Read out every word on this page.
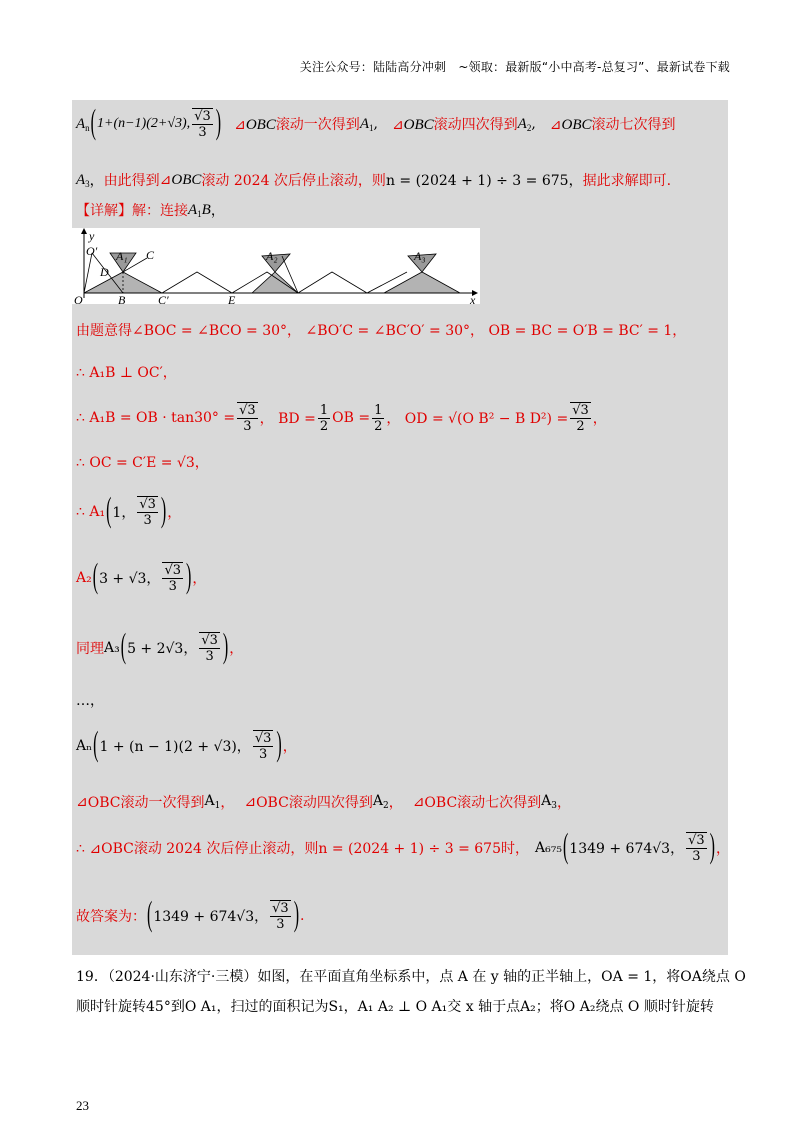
关注公众号：陆陆高分冲刺　~领取：最新版“小中高考-总复习”、最新试卷下载
$A_n$ ( 1+(n−1)(2+√3), $\frac{√3}{3}$ ) ⊿OBC滚动一次得到 $A_1$ , ⊿OBC滚动四次得到 $A_2$ , ⊿OBC滚动七次得到
$A_3$ ， 由此得到 ⊿ OBC 滚动 2024 次后停止滚动，则 n = (2024 + 1) ÷ 3 = 675， 据此求解即可.
【详解】 解：连接 $A_1B$ ，
y
x
O
O′
D
A₁ C
B	C′	E
A₂	A₃
由题意得∠BOC = ∠BCO = 30°， ∠BO′C = ∠BC′O′ = 30°， OB = BC = O′B = BC′ = 1，
∴ A₁B ⊥ OC′，
∴ A₁B = OB · $\tan 30^\circ = \frac{√3}{3}$ ， BD = $\frac{1}{2}$ OB = $\frac{1}{2}$ ， OD = √(O B² − B $D^2) = \frac{√3}{2}$ ，
∴ OC = C′E = √3，
∴ A₁ ( 1， $\frac{√3}{3}$ ) ，
A₂ ( 3 + √3， $\frac{√3}{3}$ ) ，
同理 A₃ ( 5 + 2√3， $\frac{√3}{3}$ ) ，
…，
Aₙ ( 1 + (n − 1)(2 + √3)， $\frac{√3}{3}$ ) ，
⊿ OBC滚动一次得到 $A_1$ ， ⊿ OBC滚动四次得到 $A_2$ ， ⊿ OBC滚动七次得到 $A_3$ ，
∴ ⊿OBC滚动 2024 次后停止滚动，则 n = (2024 + 1) ÷ 3 = 675时， A₆₇₅ ( 1349 + 674√3， $\frac{√3}{3}$ ) ，
故答案为： ( 1349 + 674√3， $\frac{√3}{3}$ ) .
19．（2024·山东济宁·三模）如图，在平面直角坐标系中，点 A 在 y 轴的正半轴上，OA = 1，将OA绕点 O
顺时针旋转45°到O A₁，扫过的面积记为S₁，A₁ A₂ ⊥ O A₁交 x 轴于点A₂；将O A₂绕点 O 顺时针旋转
23
